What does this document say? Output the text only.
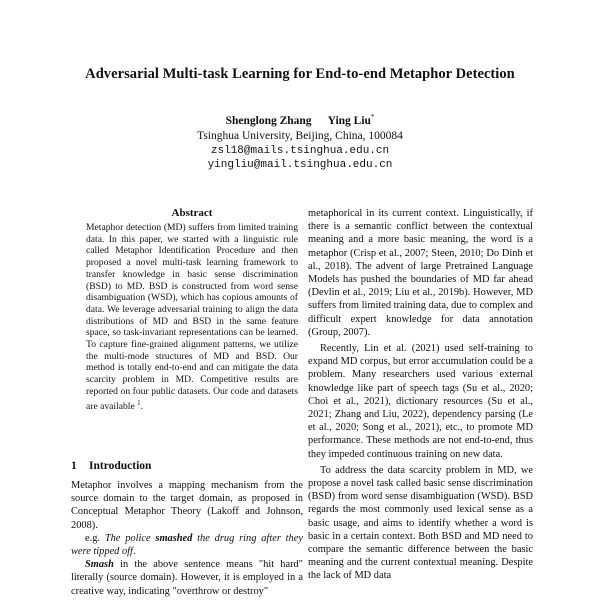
Adversarial Multi-task Learning for End-to-end Metaphor Detection
Shenglong Zhang Ying Liu*
Tsinghua University, Beijing, China, 100084
zsl18@mails.tsinghua.edu.cn
yingliu@mail.tsinghua.edu.cn
Abstract
Metaphor detection (MD) suffers from limited training data. In this paper, we started with a linguistic rule called Metaphor Identification Procedure and then proposed a novel multi-task learning framework to transfer knowledge in basic sense discrimination (BSD) to MD. BSD is constructed from word sense disambiguation (WSD), which has copious amounts of data. We leverage adversarial training to align the data distributions of MD and BSD in the same feature space, so task-invariant representations can be learned. To capture fine-grained alignment patterns, we utilize the multi-mode structures of MD and BSD. Our method is totally end-to-end and can mitigate the data scarcity problem in MD. Competitive results are reported on four public datasets. Our code and datasets are available $^1$.
1 Introduction

Metaphor involves a mapping mechanism from the source domain to the target domain, as proposed in Conceptual Metaphor Theory (Lakoff and Johnson, 2008).

e.g. The police smashed the drug ring after they were tipped off.

Smash in the above sentence means "hit hard" literally (source domain). However, it is employed in a creative way, indicating "overthrow or destroy"

metaphorical in its current context. Linguistically, if there is a semantic conflict between the contextual meaning and a more basic meaning, the word is a metaphor (Crisp et al., 2007; Steen, 2010; Do Dinh et al., 2018). The advent of large Pretrained Language Models has pushed the boundaries of MD far ahead (Devlin et al., 2019; Liu et al., 2019b). However, MD suffers from limited training data, due to complex and difficult expert knowledge for data annotation (Group, 2007).

Recently, Lin et al. (2021) used self-training to expand MD corpus, but error accumulation could be a problem. Many researchers used various external knowledge like part of speech tags (Su et al., 2020; Choi et al., 2021), dictionary resources (Su et al., 2021; Zhang and Liu, 2022), dependency parsing (Le et al., 2020; Song et al., 2021), etc., to promote MD performance. These methods are not end-to-end, thus they impeded continuous training on new data.

To address the data scarcity problem in MD, we propose a novel task called basic sense discrimination (BSD) from word sense disambiguation (WSD). BSD regards the most commonly used lexical sense as a basic usage, and aims to identify whether a word is basic in a certain context. Both BSD and MD need to compare the semantic difference between the basic meaning and the current contextual meaning. Despite the lack of MD data
